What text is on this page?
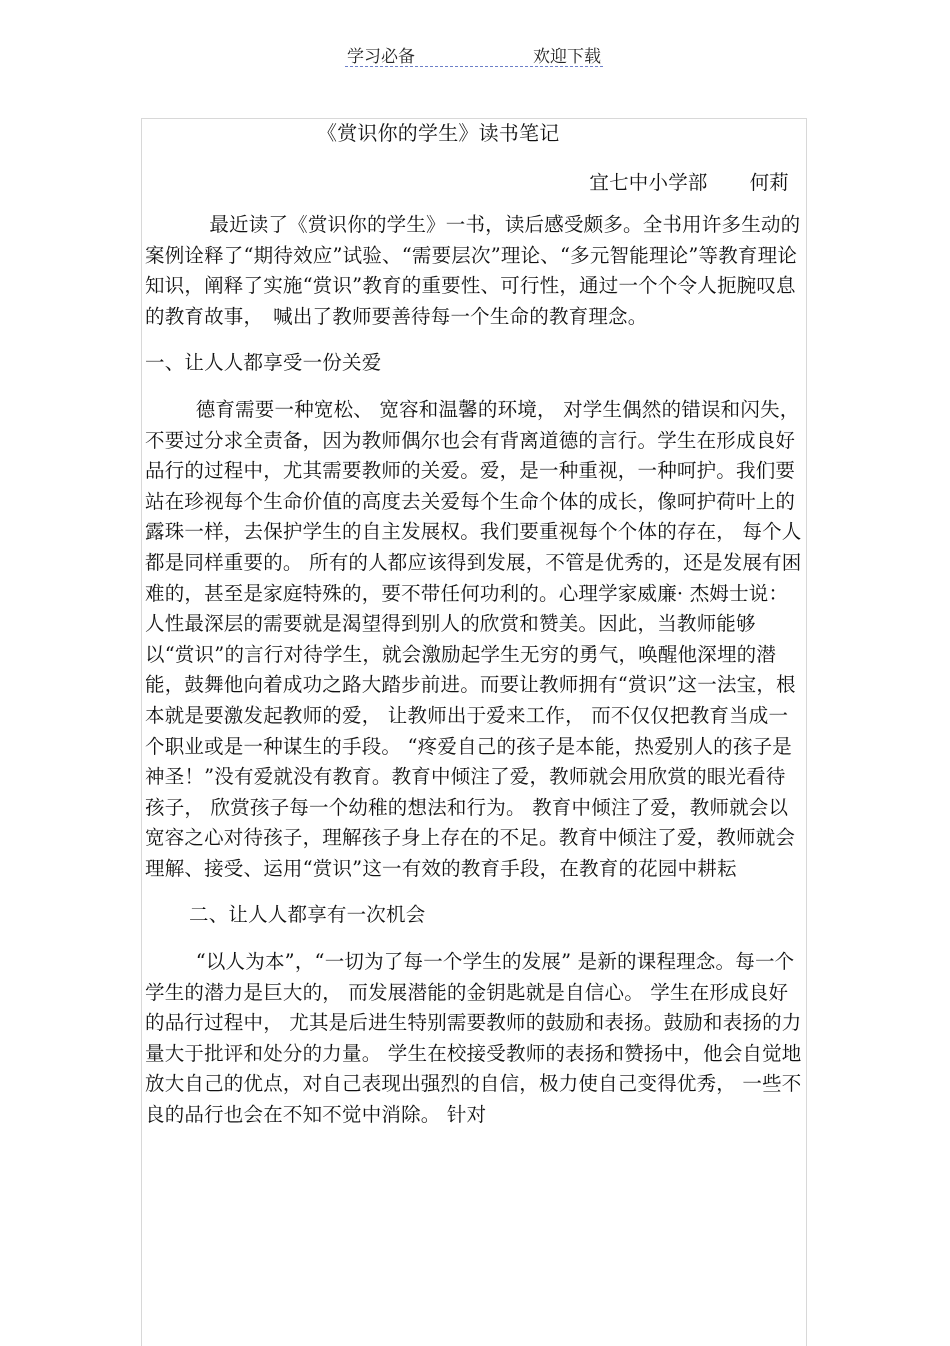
学习必备	欢迎下载
《赏识你的学生》读书笔记

宜七中小学部 何莉

最近读了《赏识你的学生》一书，读后感受颇多。全书用许多生动的案例诠释了“期待效应”试验、“需要层次”理论、“多元智能理论”等教育理论知识，阐释了实施“赏识”教育的重要性、可行性，通过一个个令人扼腕叹息的教育故事，　喊出了教师要善待每一个生命的教育理念。

一、让人人都享受一份关爱

德育需要一种宽松、 宽容和温馨的环境， 对学生偶然的错误和闪失，不要过分求全责备，因为教师偶尔也会有背离道德的言行。学生在形成良好品行的过程中，尤其需要教师的关爱。爱，是一种重视，一种呵护。我们要站在珍视每个生命价值的高度去关爱每个生命个体的成长，像呵护荷叶上的露珠一样，去保护学生的自主发展权。我们要重视每个个体的存在， 每个人都是同样重要的。 所有的人都应该得到发展，不管是优秀的，还是发展有困难的，甚至是家庭特殊的，要不带任何功利的。心理学家威廉· 杰姆士说：人性最深层的需要就是渴望得到别人的欣赏和赞美。因此，当教师能够以“赏识”的言行对待学生，就会激励起学生无穷的勇气，唤醒他深埋的潜能，鼓舞他向着成功之路大踏步前进。而要让教师拥有“赏识”这一法宝，根本就是要激发起教师的爱， 让教师出于爱来工作， 而不仅仅把教育当成一个职业或是一种谋生的手段。 “疼爱自己的孩子是本能，热爱别人的孩子是神圣！”没有爱就没有教育。教育中倾注了爱，教师就会用欣赏的眼光看待孩子， 欣赏孩子每一个幼稚的想法和行为。 教育中倾注了爱，教师就会以宽容之心对待孩子，理解孩子身上存在的不足。教育中倾注了爱，教师就会理解、接受、运用“赏识”这一有效的教育手段，在教育的花园中耕耘

二、让人人都享有一次机会

“以人为本”，“一切为了每一个学生的发展” 是新的课程理念。每一个学生的潜力是巨大的， 而发展潜能的金钥匙就是自信心。 学生在形成良好的品行过程中， 尤其是后进生特别需要教师的鼓励和表扬。鼓励和表扬的力量大于批评和处分的力量。 学生在校接受教师的表扬和赞扬中，他会自觉地放大自己的优点，对自己表现出强烈的自信，极力使自己变得优秀， 一些不良的品行也会在不知不觉中消除。 针对
